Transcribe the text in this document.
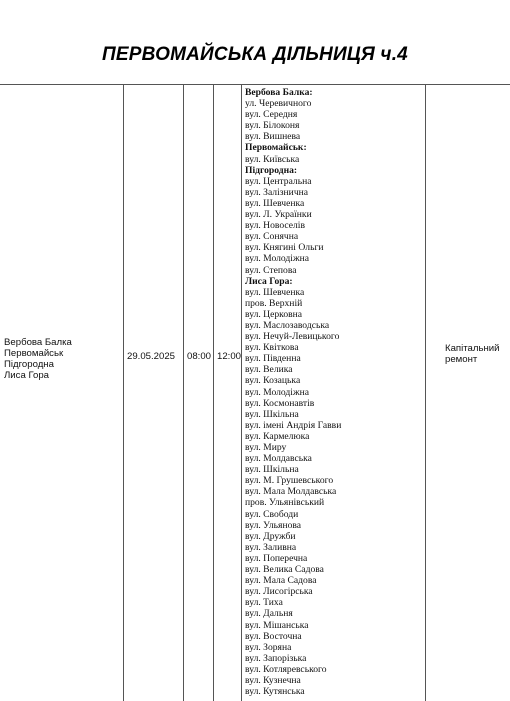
ПЕРВОМАЙСЬКА ДІЛЬНИЦЯ ч.4
Вербова Балка
Первомайськ
Підгородна
Лиса Гора
29.05.2025 08:00 12:00
Капітальний ремонт
Вербова Балка:
ул. Черевичного
вул. Середня
вул. Білоконя
вул. Вишнева
Первомайськ:
вул. Київська
Підгородна:
вул. Центральна
вул. Залізнична
вул. Шевченка
вул. Л. Українки
вул. Новоселів
вул. Сонячна
вул. Княгині Ольги
вул. Молодіжна
вул. Степова
Лиса Гора:
вул. Шевченка
пров. Верхній
вул. Церковна
вул. Маслозаводська
вул. Нечуй-Левицького
вул. Квіткова
вул. Південна
вул. Велика
вул. Козацька
вул. Молодіжна
вул. Космонавтів
вул. Шкільна
вул. імені Андрія Гавви
вул. Кармелюка
вул. Миру
вул. Молдавська
вул. Шкільна
вул. М. Грушевського
вул. Мала Молдавська
пров. Ульянівський
вул. Свободи
вул. Ульянова
вул. Дружби
вул. Заливна
вул. Поперечна
вул. Велика Садова
вул. Мала Садова
вул. Лисогірська
вул. Тиха
вул. Дальня
вул. Мішанська
вул. Восточна
вул. Зоряна
вул. Запорізька
вул. Котляревського
вул. Кузнечна
вул. Кутянська
